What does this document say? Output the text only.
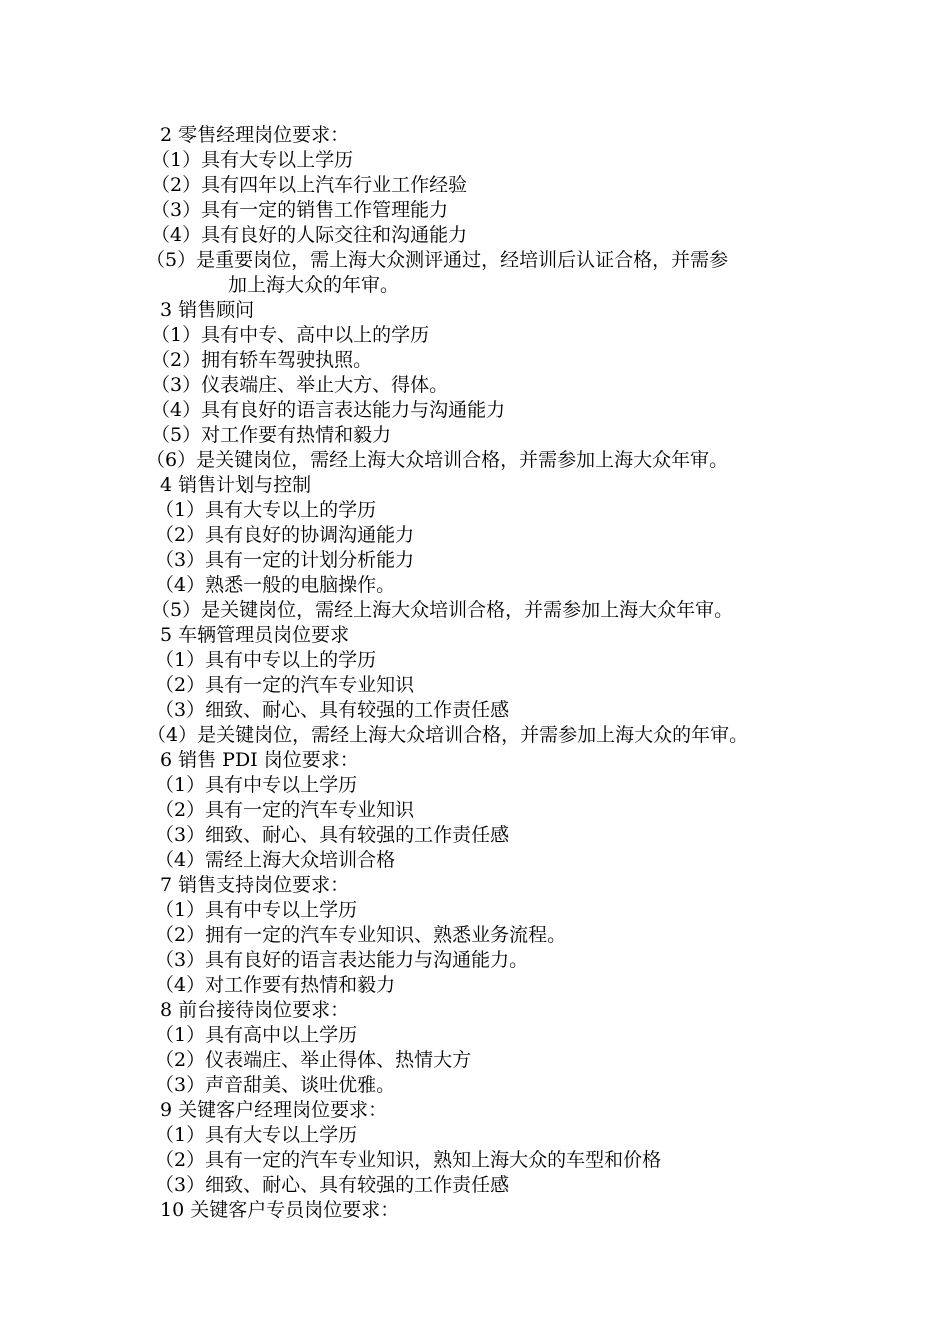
2 零售经理岗位要求：
（1）具有大专以上学历
（2）具有四年以上汽车行业工作经验
（3）具有一定的销售工作管理能力
（4）具有良好的人际交往和沟通能力
（5）是重要岗位，需上海大众测评通过，经培训后认证合格，并需参
加上海大众的年审。
3 销售顾问
（1）具有中专、高中以上的学历
（2）拥有轿车驾驶执照。
（3）仪表端庄、举止大方、得体。
（4）具有良好的语言表达能力与沟通能力
（5）对工作要有热情和毅力
（6）是关键岗位，需经上海大众培训合格，并需参加上海大众年审。
4 销售计划与控制
（1）具有大专以上的学历
（2）具有良好的协调沟通能力
（3）具有一定的计划分析能力
（4）熟悉一般的电脑操作。
（5）是关键岗位，需经上海大众培训合格，并需参加上海大众年审。
5 车辆管理员岗位要求
（1）具有中专以上的学历
（2）具有一定的汽车专业知识
（3）细致、耐心、具有较强的工作责任感
（4）是关键岗位，需经上海大众培训合格，并需参加上海大众的年审。
6 销售 PDI 岗位要求：
（1）具有中专以上学历
（2）具有一定的汽车专业知识
（3）细致、耐心、具有较强的工作责任感
（4）需经上海大众培训合格
7 销售支持岗位要求：
（1）具有中专以上学历
（2）拥有一定的汽车专业知识、熟悉业务流程。
（3）具有良好的语言表达能力与沟通能力。
（4）对工作要有热情和毅力
8 前台接待岗位要求：
（1）具有高中以上学历
（2）仪表端庄、举止得体、热情大方
（3）声音甜美、谈吐优雅。
9 关键客户经理岗位要求：
（1）具有大专以上学历
（2）具有一定的汽车专业知识，熟知上海大众的车型和价格
（3）细致、耐心、具有较强的工作责任感
10 关键客户专员岗位要求：
